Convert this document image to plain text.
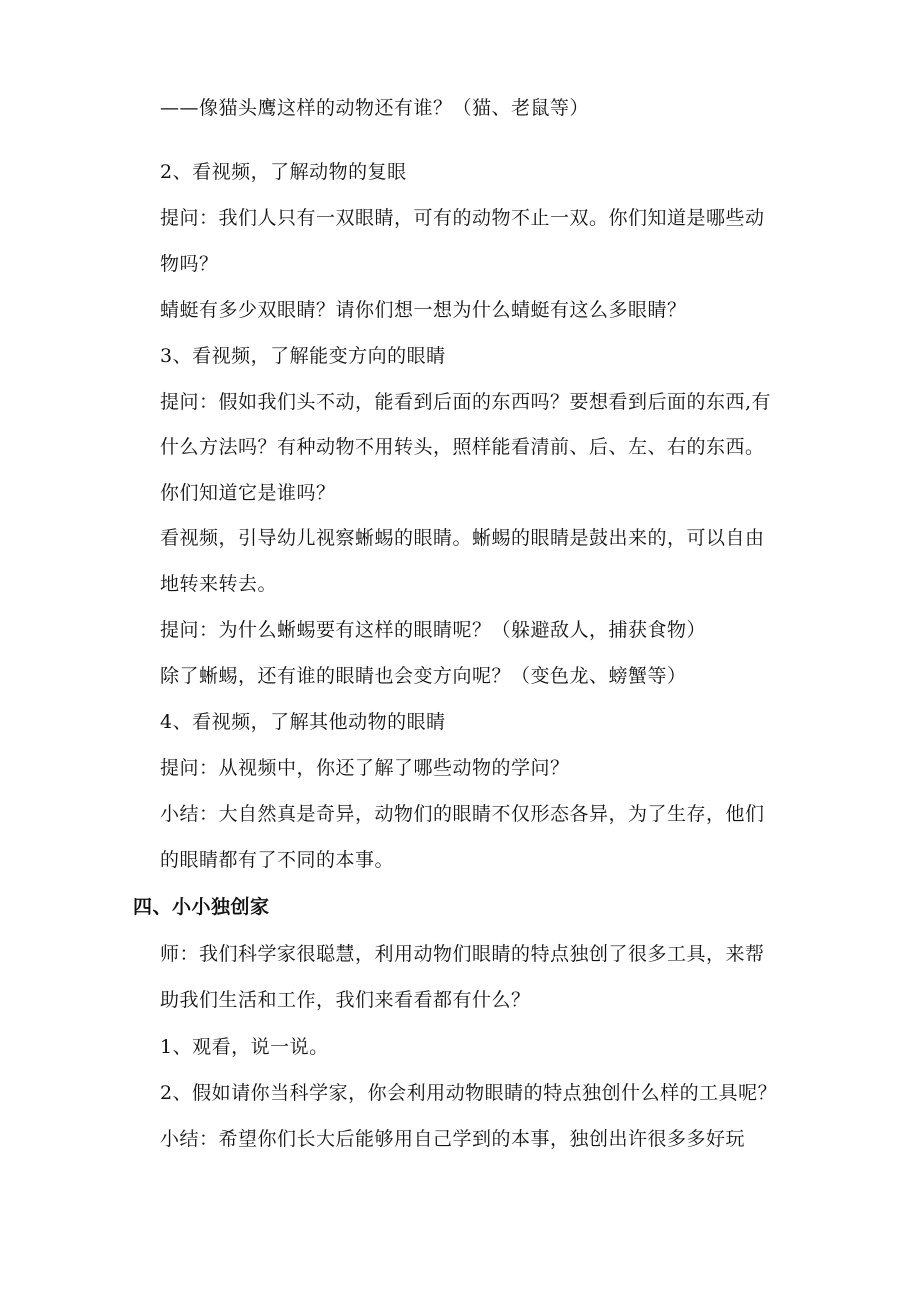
——像猫头鹰这样的动物还有谁？（猫、老鼠等）
2、看视频，了解动物的复眼
提问：我们人只有一双眼睛，可有的动物不止一双。你们知道是哪些动
物吗？
蜻蜓有多少双眼睛？请你们想一想为什么蜻蜓有这么多眼睛？
3、看视频，了解能变方向的眼睛
提问：假如我们头不动，能看到后面的东西吗？要想看到后面的东西,有
什么方法吗？有种动物不用转头，照样能看清前、后、左、右的东西。
你们知道它是谁吗？
看视频，引导幼儿视察蜥蜴的眼睛。蜥蜴的眼睛是鼓出来的，可以自由
地转来转去。
提问：为什么蜥蜴要有这样的眼睛呢？（躲避敌人，捕获食物）
除了蜥蜴，还有谁的眼睛也会变方向呢？（变色龙、螃蟹等）
4、看视频，了解其他动物的眼睛
提问：从视频中，你还了解了哪些动物的学问？
小结：大自然真是奇异，动物们的眼睛不仅形态各异，为了生存，他们
的眼睛都有了不同的本事。
四、小小独创家
师：我们科学家很聪慧，利用动物们眼睛的特点独创了很多工具，来帮
助我们生活和工作，我们来看看都有什么？
1、观看，说一说。
2、假如请你当科学家，你会利用动物眼睛的特点独创什么样的工具呢？
小结：希望你们长大后能够用自己学到的本事，独创出许很多多好玩
